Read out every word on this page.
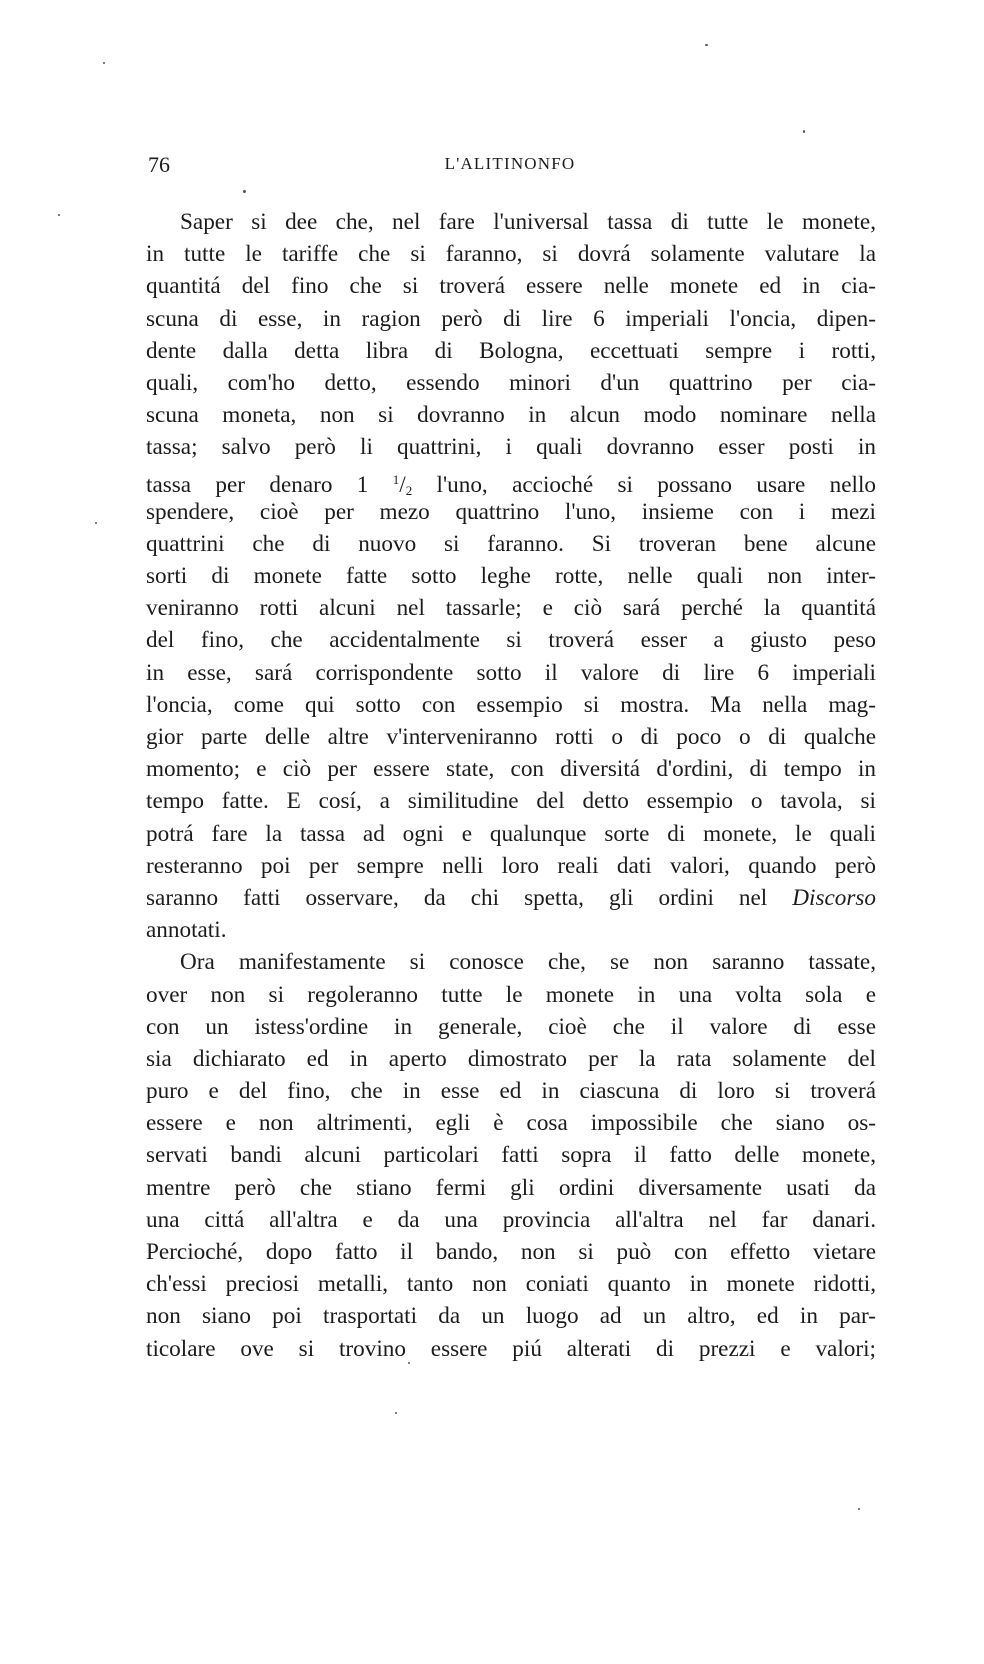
76	L'ALITINONFO
Saper si dee che, nel fare l'universal tassa di tutte le monete,
in tutte le tariffe che si faranno, si dovrá solamente valutare la
quantitá del fino che si troverá essere nelle monete ed in cia-
scuna di esse, in ragion però di lire 6 imperiali l'oncia, dipen-
dente dalla detta libra di Bologna, eccettuati sempre i rotti,
quali, com'ho detto, essendo minori d'un quattrino per cia-
scuna moneta, non si dovranno in alcun modo nominare nella
tassa; salvo però li quattrini, i quali dovranno esser posti in
tassa per denaro 1 $^1/_2$ l'uno, accioché si possano usare nello
spendere, cioè per mezo quattrino l'uno, insieme con i mezi
quattrini che di nuovo si faranno. Si troveran bene alcune
sorti di monete fatte sotto leghe rotte, nelle quali non inter-
veniranno rotti alcuni nel tassarle; e ciò sará perché la quantitá
del fino, che accidentalmente si troverá esser a giusto peso
in esse, sará corrispondente sotto il valore di lire 6 imperiali
l'oncia, come qui sotto con essempio si mostra. Ma nella mag-
gior parte delle altre v'interveniranno rotti o di poco o di qualche
momento; e ciò per essere state, con diversitá d'ordini, di tempo in
tempo fatte. E cosí, a similitudine del detto essempio o tavola, si
potrá fare la tassa ad ogni e qualunque sorte di monete, le quali
resteranno poi per sempre nelli loro reali dati valori, quando però
saranno fatti osservare, da chi spetta, gli ordini nel Discorso
annotati.
Ora manifestamente si conosce che, se non saranno tassate,
over non si regoleranno tutte le monete in una volta sola e
con un istess'ordine in generale, cioè che il valore di esse
sia dichiarato ed in aperto dimostrato per la rata solamente del
puro e del fino, che in esse ed in ciascuna di loro si troverá
essere e non altrimenti, egli è cosa impossibile che siano os-
servati bandi alcuni particolari fatti sopra il fatto delle monete,
mentre però che stiano fermi gli ordini diversamente usati da
una cittá all'altra e da una provincia all'altra nel far danari.
Percioché, dopo fatto il bando, non si può con effetto vietare
ch'essi preciosi metalli, tanto non coniati quanto in monete ridotti,
non siano poi trasportati da un luogo ad un altro, ed in par-
ticolare ove si trovino essere piú alterati di prezzi e valori;
